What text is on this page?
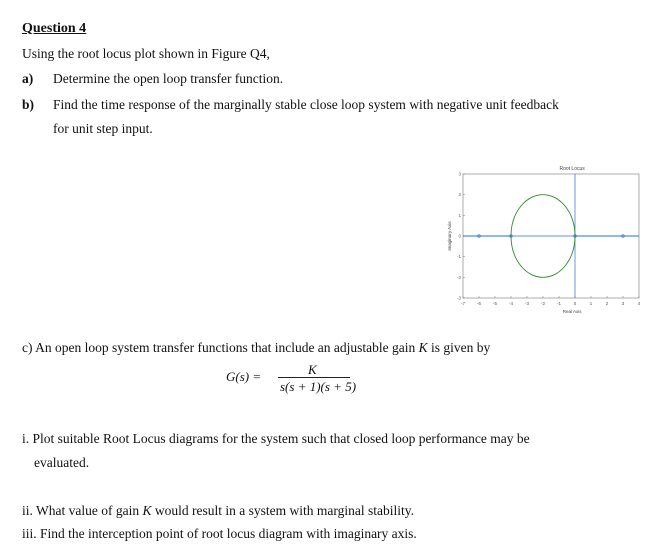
Question 4
Using the root locus plot shown in Figure Q4,
a) Determine the open loop transfer function.
b) Find the time response of the marginally stable close loop system with negative unit feedback
for unit step input.
Root Locus
-7	-6	-5	-4	-3	-2	-1	0	1	2	3	4
3
2
1
0
-1
-2
-3
Real Axis
Imaginary Axis
c) An open loop system transfer functions that include an adjustable gain K is given by
G(s) =	K
s(s + 1)(s + 5)
i. Plot suitable Root Locus diagrams for the system such that closed loop performance may be
evaluated.
ii. What value of gain K would result in a system with marginal stability.
iii. Find the interception point of root locus diagram with imaginary axis.
